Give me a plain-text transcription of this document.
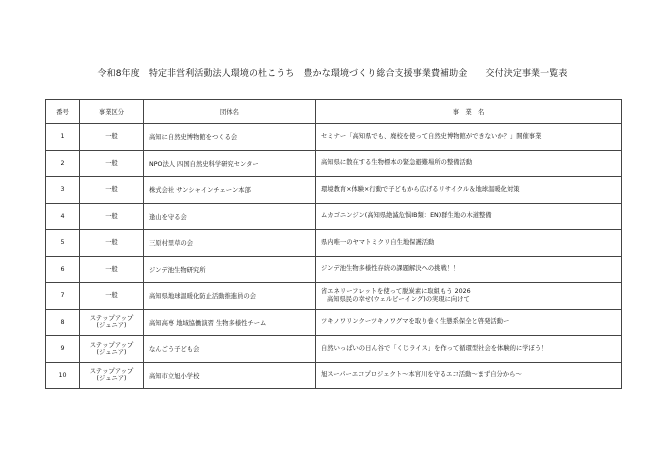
令和8年度　特定非営利活動法人環境の杜こうち　豊かな環境づくり総合支援事業費補助金　　交付決定事業一覧表
番号	事業区分	団体名	事　業　名
1	一般	高知に自然史博物館をつくる会	セミナー「高知県でも、廃校を使って自然史博物館ができないか？」開催事業
2	一般	NPO法人 四国自然史科学研究センター	高知県に散在する生物標本の緊急避難場所の整備活動
3	一般	株式会社 サンシャインチェーン本部	環境教育×体験×行動で子どもから広げるリサイクル＆地球温暖化対策
4	一般	逢山を守る会	ムカゴニンジン(高知県絶滅危惧ⅠB類：EN)群生地の木道整備
5	一般	三原村里草の会	県内唯一のヤマトミクリ自生地保護活動
6	一般	ジンデ池生物研究所	ジンデ池生物多様性存続の課題解決への挑戦！！
7	一般	高知県地球温暖化防止活動推進員の会	省エネリーフレットを使って脱炭素に取組もう 2026
高知県民の幸せ(ウェルビーイング)の実現に向けて

8	ステップアップ
(ジュニア)	高知高専 地域協働演習 生物多様性チーム	ツキノワリンクーツキノワグマを取り巻く生態系保全と啓発活動ー
9	ステップアップ
(ジュニア)	なんごう子ども会	自然いっぱいの日ん谷で「くじライス」を作って循環型社会を体験的に学ぼう！
10	ステップアップ
(ジュニア)	高知市立旭小学校	旭スーパーエコプロジェクト〜本宮川を守るエコ活動〜まず自分から〜
